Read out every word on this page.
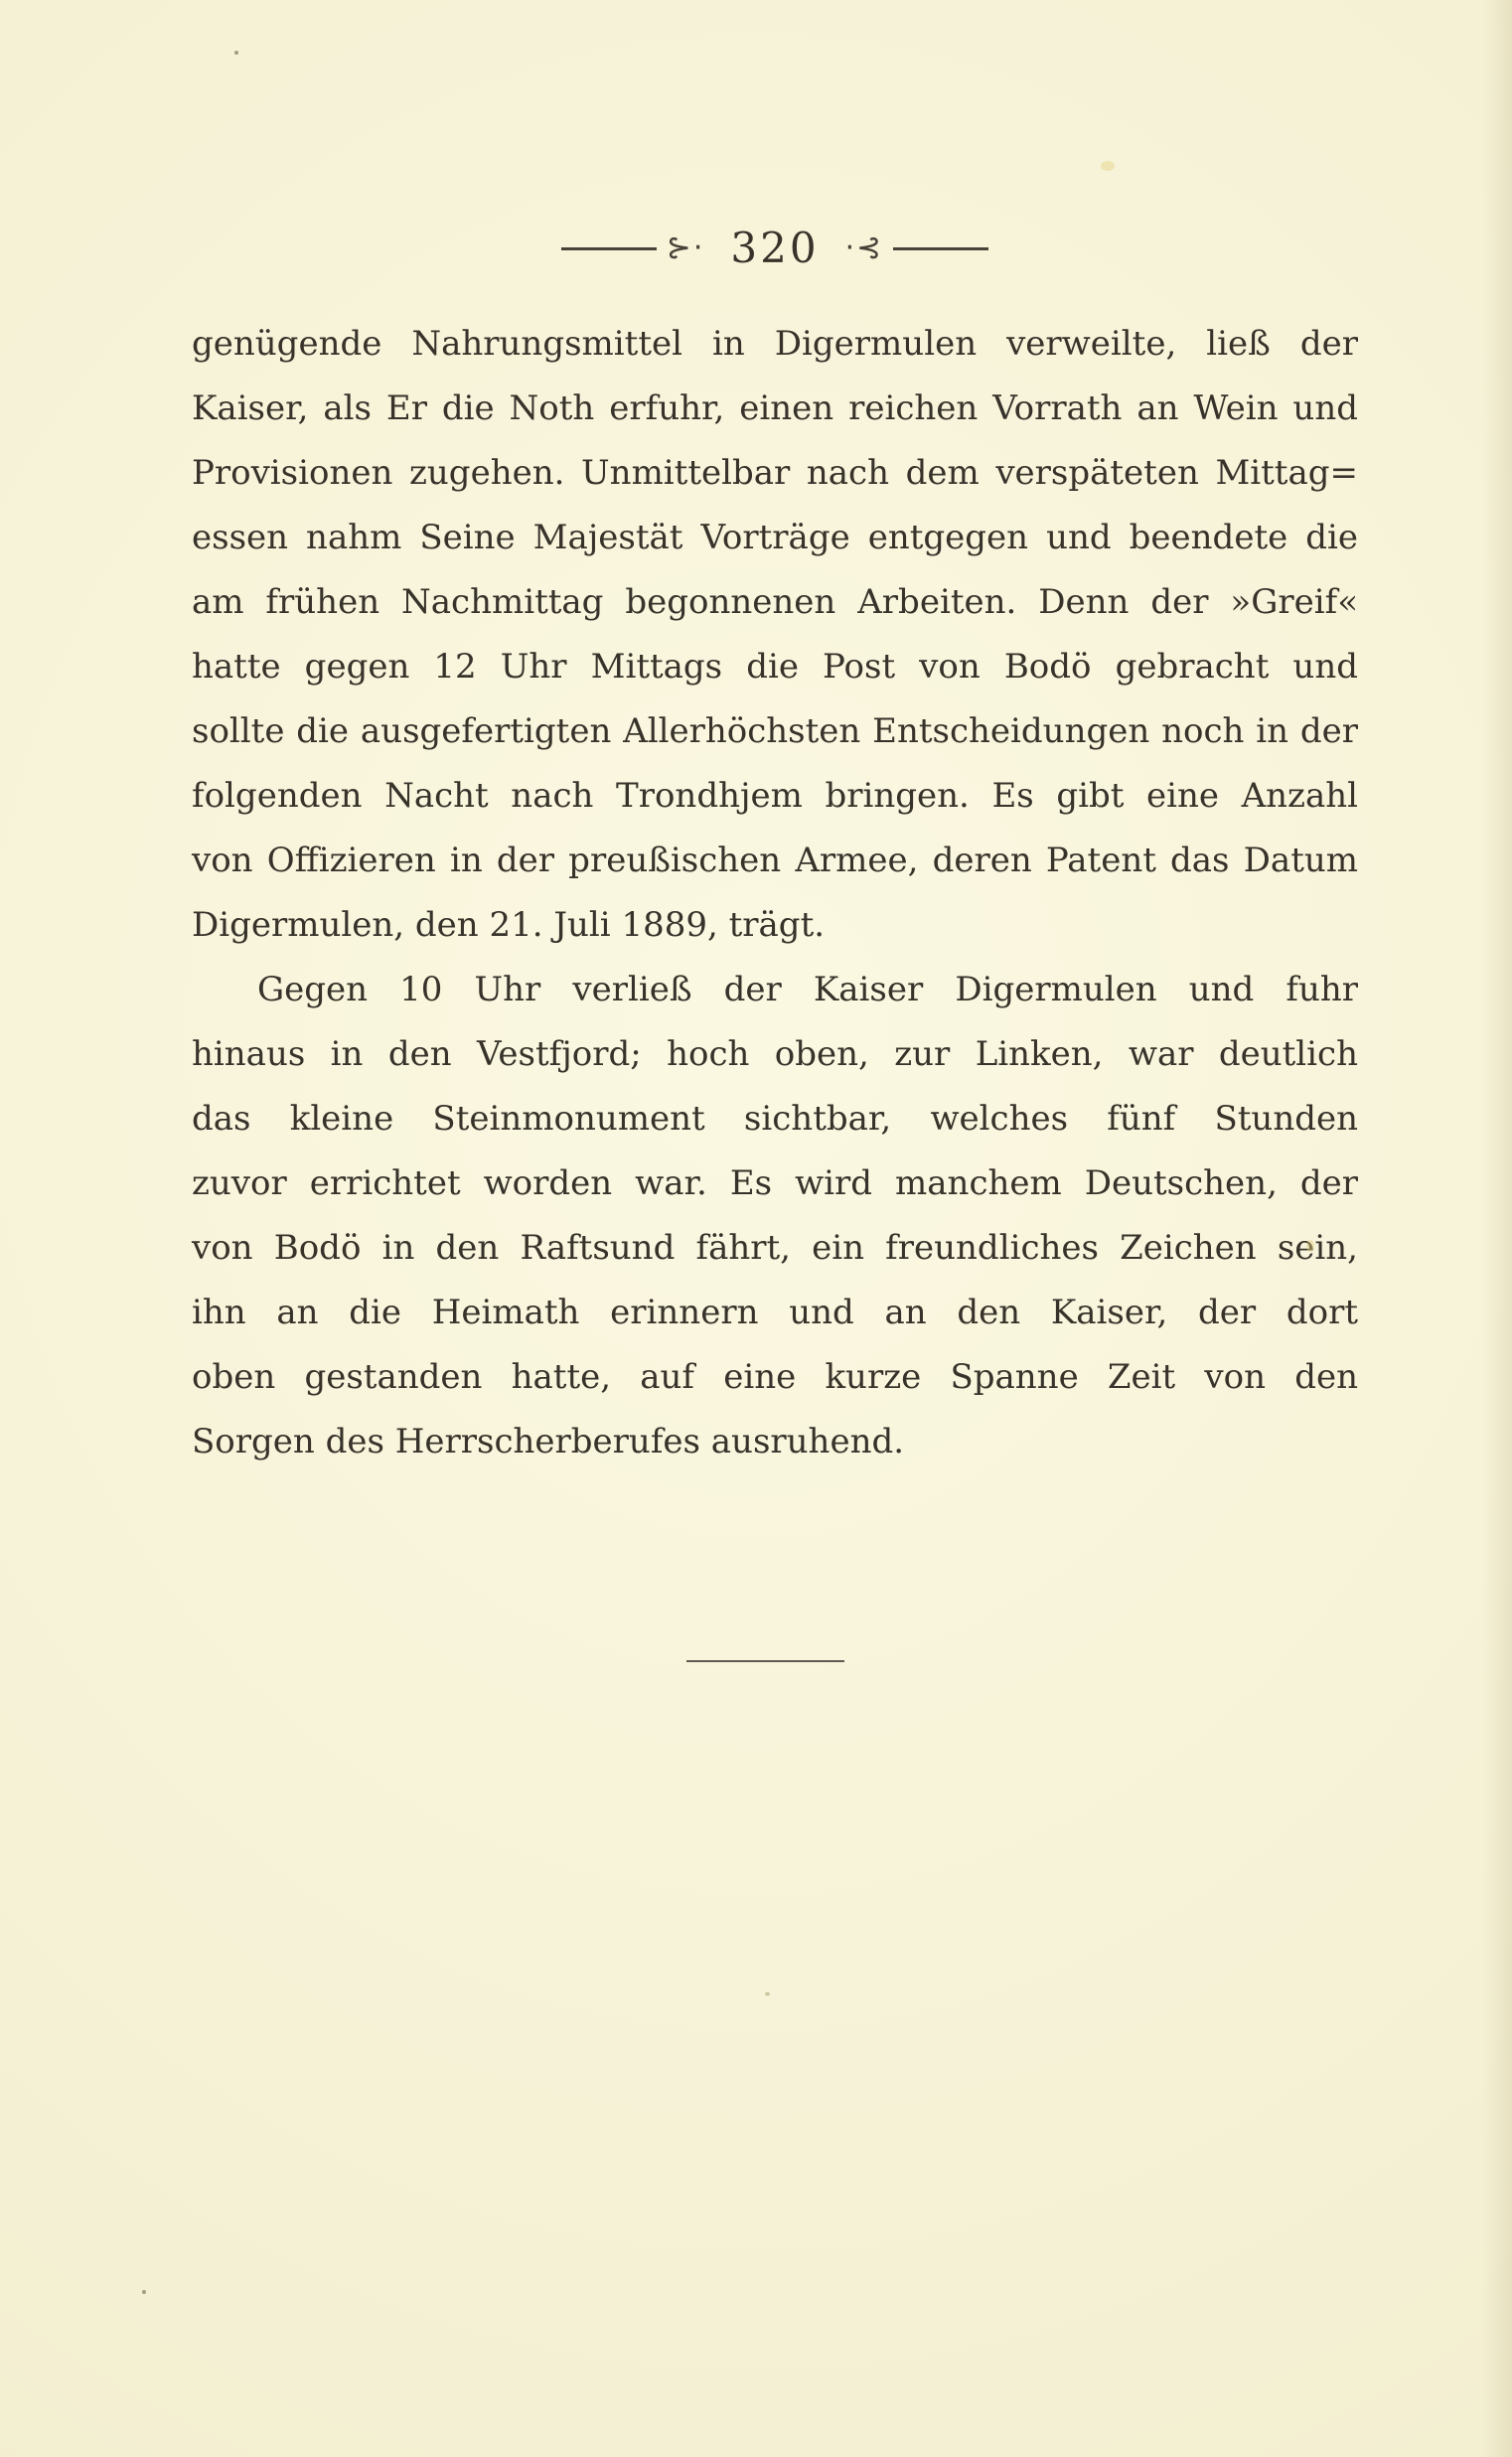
⊱· 320 ·⊰
genügende Nahrungsmittel in Digermulen verweilte, ließ der
Kaiser, als Er die Noth erfuhr, einen reichen Vorrath an Wein und
Provisionen zugehen. Unmittelbar nach dem verspäteten Mittag=
essen nahm Seine Majestät Vorträge entgegen und beendete die
am frühen Nachmittag begonnenen Arbeiten. Denn der »Greif«
hatte gegen 12 Uhr Mittags die Post von Bodö gebracht und
sollte die ausgefertigten Allerhöchsten Entscheidungen noch in der
folgenden Nacht nach Trondhjem bringen. Es gibt eine Anzahl
von Offizieren in der preußischen Armee, deren Patent das Datum
Digermulen, den 21. Juli 1889, trägt.
Gegen 10 Uhr verließ der Kaiser Digermulen und fuhr
hinaus in den Vestfjord; hoch oben, zur Linken, war deutlich
das kleine Steinmonument sichtbar, welches fünf Stunden
zuvor errichtet worden war. Es wird manchem Deutschen, der
von Bodö in den Raftsund fährt, ein freundliches Zeichen sein,
ihn an die Heimath erinnern und an den Kaiser, der dort
oben gestanden hatte, auf eine kurze Spanne Zeit von den
Sorgen des Herrscherberufes ausruhend.
